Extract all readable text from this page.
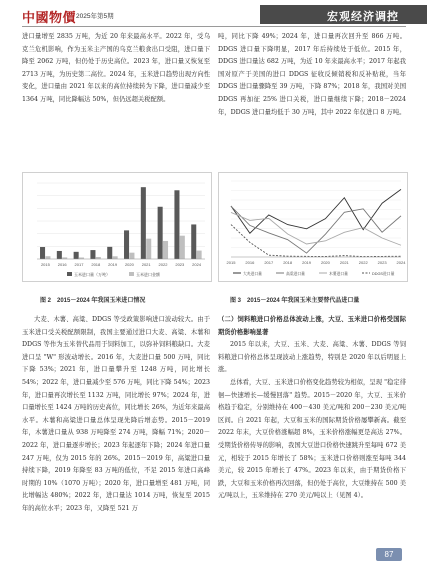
中國物價 2025年第5期	宏观经济调控

进口量增至 2835 万吨，为近 20 年来最高水平。2022 年，受乌克兰危机影响，作为玉米主产国的乌克兰粮食出口受阻，进口量下降至 2062 万吨，但仍处于历史高位。2023 年，进口量又恢复至 2713 万吨，为历史第二高位。2024 年，玉米进口趋势出现方向性变化，进口量由 2021 年以来的高位持续转为下降，进口量减少至 1364 万吨，同比降幅达 50%，但仍远超关税配额。

2015 2016 2017 2018 2019 2020 2021 2022 2023 2024
玉米进口量（万吨）	玉米进口金额
图 2　2015－2024 年我国玉米进口情况

大麦、木薯、高粱、DDGS 等受政策影响进口波动较大。由于玉米进口受关税配额限制，我国主要通过进口大麦、高粱、木薯和 DDGS 等作为玉米替代品用于饲料加工，以弥补饲料粮缺口。大麦进口呈 "W" 形波动增长。2016 年，大麦进口量 500 万吨，同比下降 53%；2021 年，进口量攀升至 1248 万吨，同比增长 54%；2022 年，进口量减少至 576 万吨，同比下降 54%；2023 年，进口量再次增长至 1132 万吨，同比增长 97%；2024 年，进口量增长至 1424 万吨的历史高位，同比增长 26%，为近年来最高水平。木薯和高粱进口量总体呈现先降后增态势。2015－2019 年，木薯进口量从 938 万吨降至 274 万吨，降幅 71%；2020－2022 年，进口量逐步增长；2023 年起逐年下降；2024 年进口量 247 万吨，仅为 2015 年的 26%。2015－2019 年，高粱进口量持续下降，2019 年降至 83 万吨的低位，不足 2015 年进口高峰时期的 10%（1070 万吨）；2020 年，进口量增至 481 万吨，同比增幅达 480%；2022 年，进口量达 1014 万吨，恢复至 2015 年的高位水平；2023 年，又降至 521 万

吨，同比下降 49%；2024 年，进口量再次回升至 866 万吨。DDGS 进口量下降明显，2017 年后持续处于低位。2015 年，DDGS 进口量达 682 万吨，为近 10 年来最高水平；2017 年起我国对原产于美国的进口 DDGS 征收反倾销税和反补贴税，当年 DDGS 进口量骤降至 39 万吨，下降 87%；2018 年，我国对美国 DDGS 再加征 25% 进口关税，进口量继续下降；2018－2024 年，DDGS 进口量均低于 30 万吨，其中 2022 年仅进口 8 万吨。

2015 2016 2017 2018 2019 2020 2021 2022 2023 2024
大麦进口量	高粱进口量	木薯进口量	DDGS进口量
图 3　2015－2024 年我国玉米主要替代品进口量

（二）饲料粮进口价格总体波动上涨，大豆、玉米进口价格受国际期货价格影响显著

2015 年以来，大豆、玉米、大麦、高粱、木薯、DDGS 等饲料粮进口价格总体呈现波动上涨趋势，特别是 2020 年以后明显上涨。

总体看，大豆、玉米进口价格变化趋势较为相似，呈现 "稳定徘徊—快速增长—缓慢回落" 趋势。2015－2020 年，大豆、玉米价格趋于稳定，分别维持在 400－430 美元/吨和 200－230 美元/吨区间。自 2021 年起，大豆和玉米的国际期货价格屡攀新高。截至 2022 年末，大豆价格涨幅超 8%，玉米价格涨幅更是高达 27%。受期货价格传导的影响，我国大豆进口价格快速跳升至每吨 672 美元，相较于 2015 年增长了 58%；玉米进口价格则涨至每吨 344 美元，较 2015 年增长了 47%。2023 年以来，由于期货价格下跌，大豆和玉米价格再次回落，但仍处于高位，大豆维持在 500 美元/吨以上，玉米维持在 270 美元/吨以上（见图 4）。

87
